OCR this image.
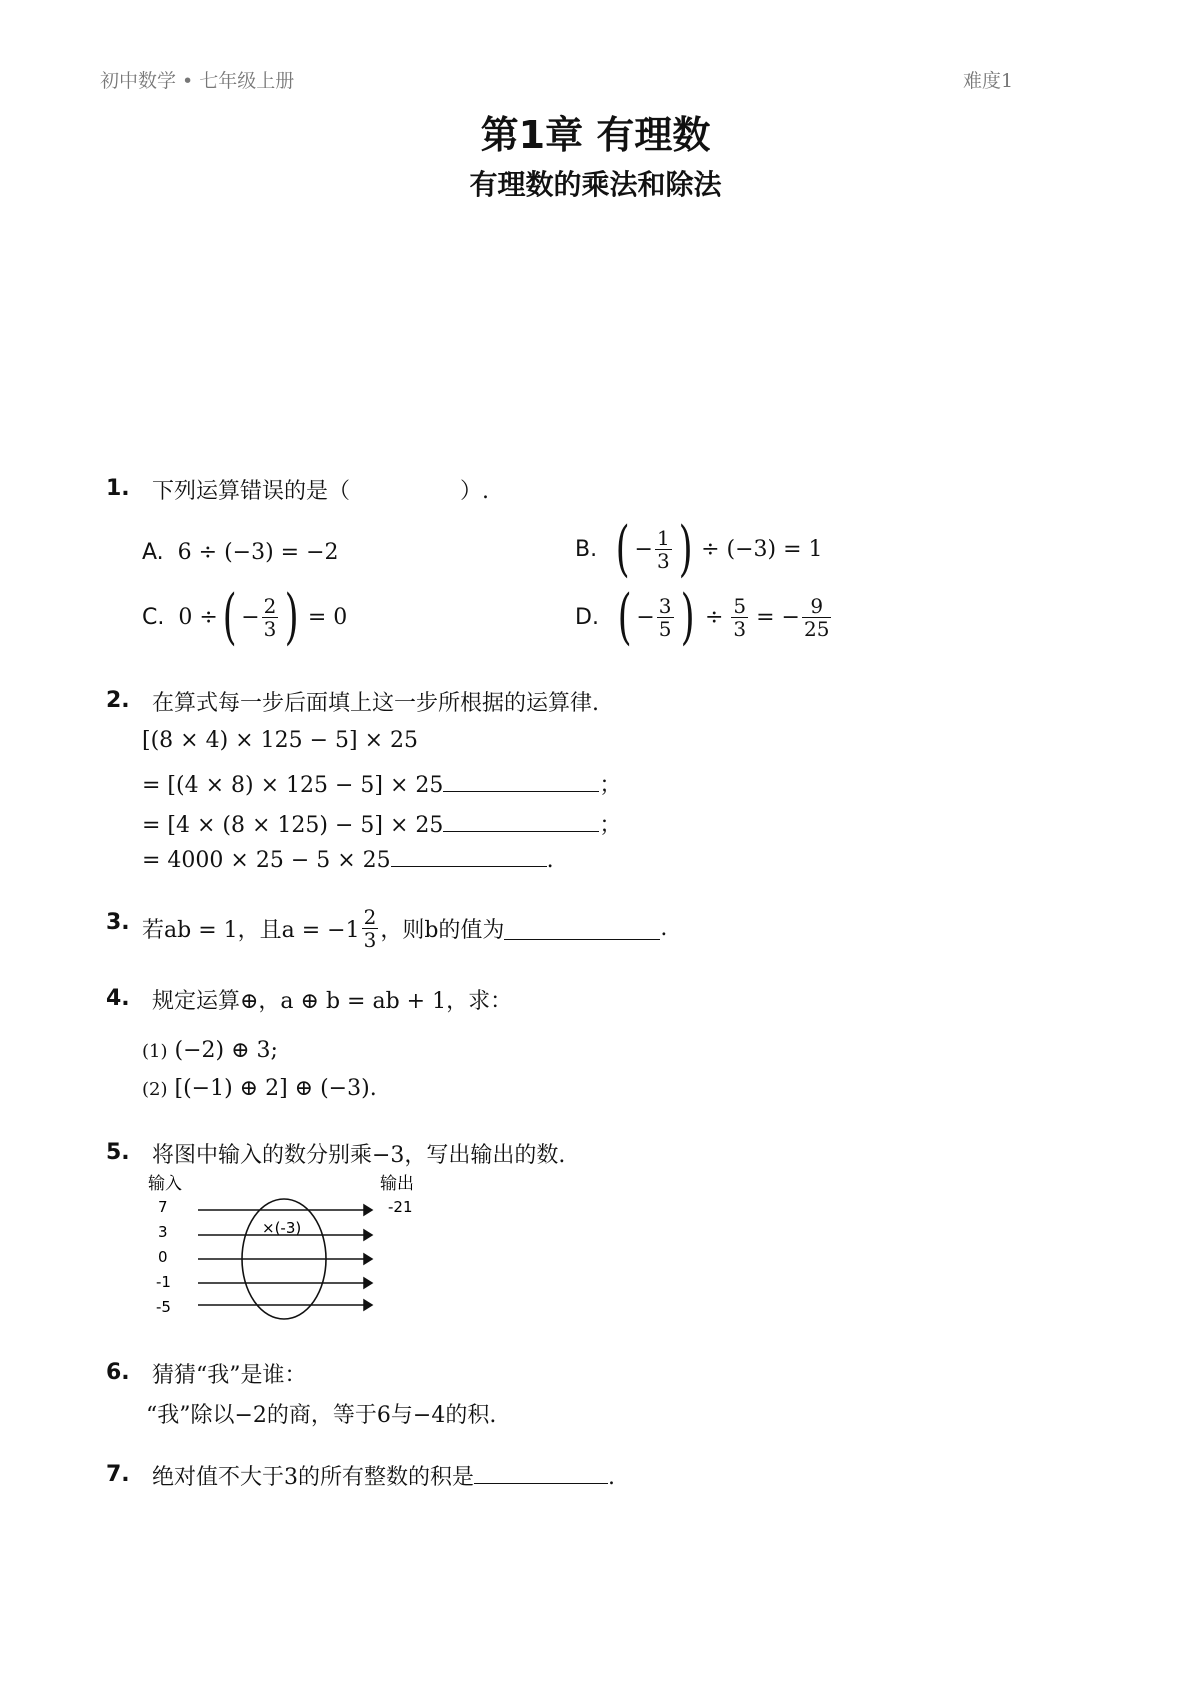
初中数学 • 七年级上册	难度1
第1章 有理数
有理数的乘法和除法
1. 下列运算错误的是（　　　　　）.
A. 6 ÷ (−3) = −2	B. ( − $\frac{1}{3}$ ) ÷ (−3) = 1
C. 0 ÷ ( − $\frac{2}{3}$ ) = 0	D. ( − $\frac{3}{5}$ ) ÷ $\frac{5}{3}$ = − $\frac{9}{25}$
2. 在算式每一步后面填上这一步所根据的运算律.
[(8 × 4) × 125 − 5] × 25
= [(4 × 8) × 125 − 5] × 25	；
= [4 × (8 × 125) − 5] × 25	；
= 4000 × 25 − 5 × 25	.
3. 若ab = 1，且$a = -1 \frac{2}{3}$ ，则b的值为	.
4. 规定运算⊕，a ⊕ b = ab + 1，求：
(1) (−2) ⊕ 3;
(2) [(−1) ⊕ 2] ⊕ (−3).
5. 将图中输入的数分别乘−3，写出输出的数.
输入	输出
7
3
0
-1
-5
-21
×(-3)
6. 猜猜“我”是谁：
“我”除以−2的商，等于6与−4的积.
7. 绝对值不大于3的所有整数的积是	.
